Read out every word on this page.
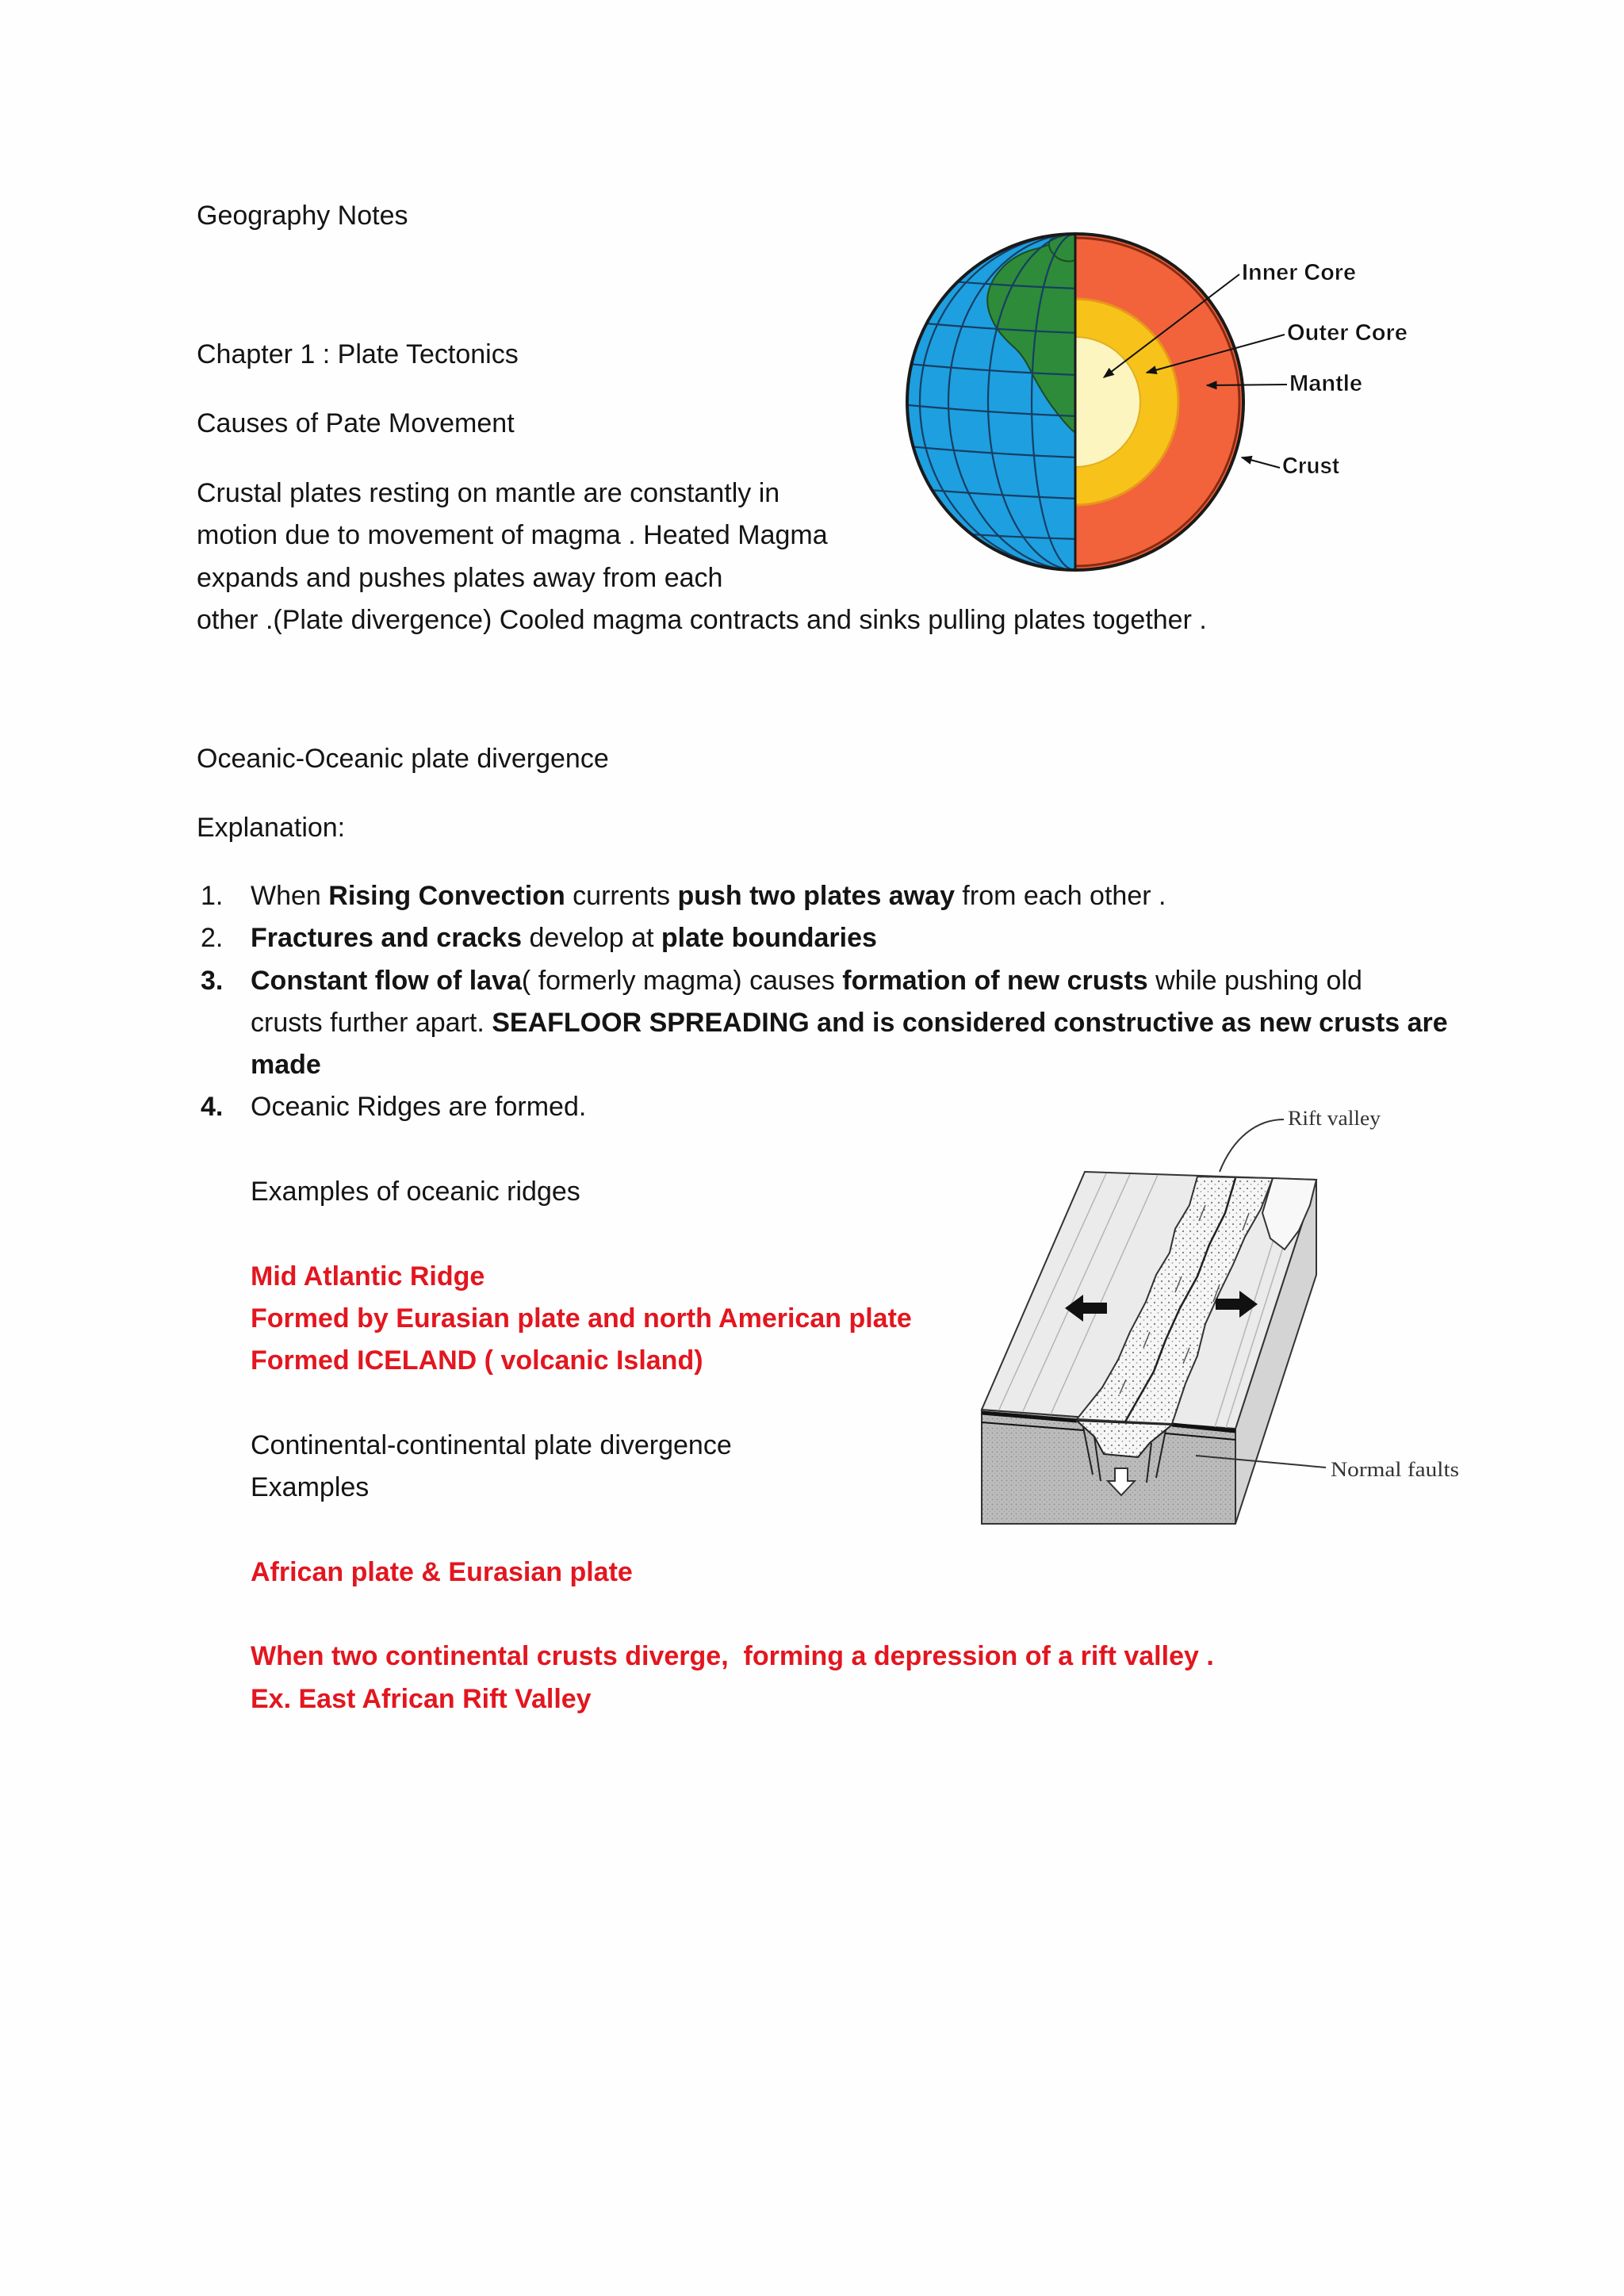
Geography Notes
Chapter 1 : Plate Tectonics
Causes of Pate Movement
Crustal plates resting on mantle are constantly in
motion due to movement of magma . Heated Magma
expands and pushes plates away from each
other .(Plate divergence) Cooled magma contracts and sinks pulling plates together .
Inner Core
Outer Core
Mantle
Crust
Oceanic-Oceanic plate divergence
Explanation:
1. When Rising Convection currents push two plates away from each other .
2. Fractures and cracks develop at plate boundaries
3. Constant flow of lava( formerly magma) causes formation of new crusts while pushing old
crusts further apart. SEAFLOOR SPREADING and is considered constructive as new crusts are
made
4. Oceanic Ridges are formed.
Examples of oceanic ridges
Mid Atlantic Ridge
Formed by Eurasian plate and north American plate
Formed ICELAND ( volcanic Island)
Continental-continental plate divergence
Examples
African plate & Eurasian plate
When two continental crusts diverge,  forming a depression of a rift valley .
Ex. East African Rift Valley
Rift valley
Normal faults
